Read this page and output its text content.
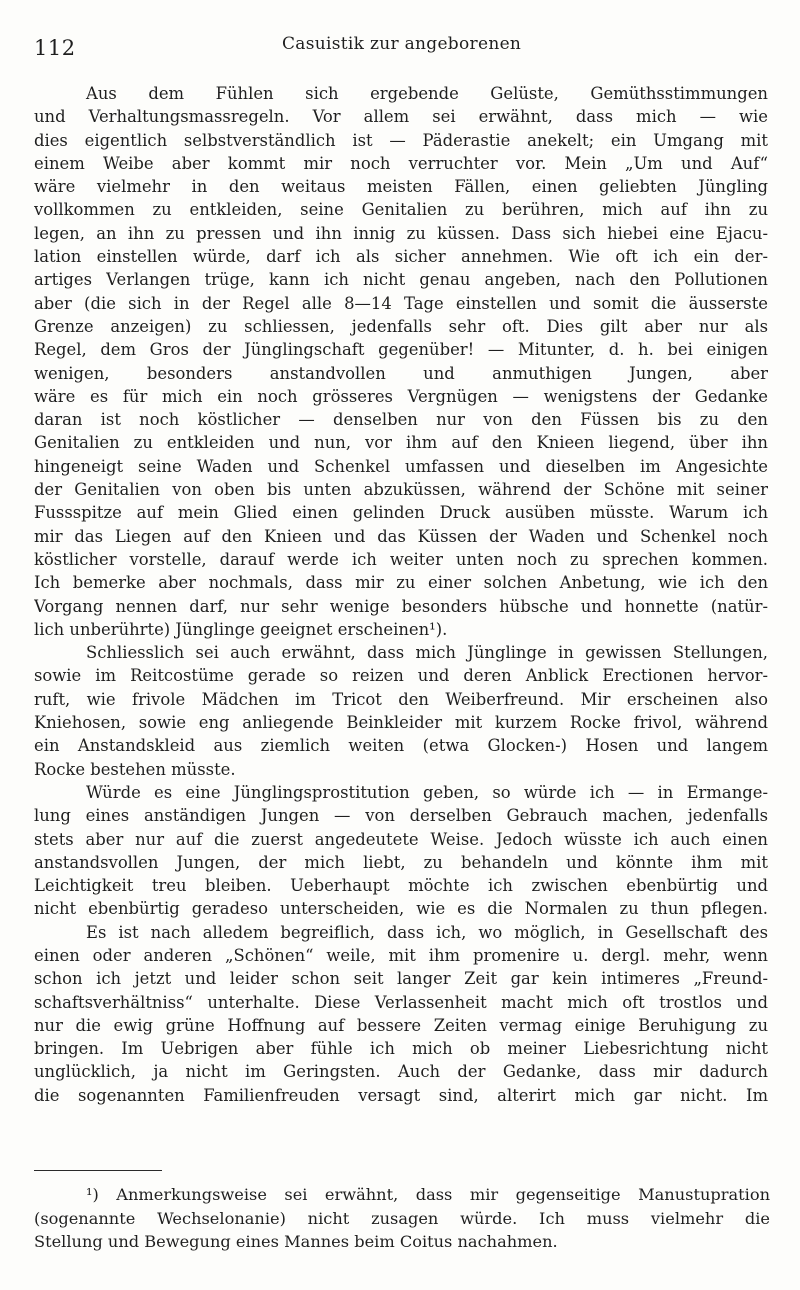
112	Casuistik zur angeborenen
Aus dem Fühlen sich ergebende Gelüste, Gemüthsstimmungen
und Verhaltungsmassregeln. Vor allem sei erwähnt, dass mich — wie
dies eigentlich selbstverständlich ist — Päderastie anekelt; ein Umgang mit
einem Weibe aber kommt mir noch verruchter vor. Mein „Um und Auf“
wäre vielmehr in den weitaus meisten Fällen, einen geliebten Jüngling
vollkommen zu entkleiden, seine Genitalien zu berühren, mich auf ihn zu
legen, an ihn zu pressen und ihn innig zu küssen. Dass sich hiebei eine Ejacu-
lation einstellen würde, darf ich als sicher annehmen. Wie oft ich ein der-
artiges Verlangen trüge, kann ich nicht genau angeben, nach den Pollutionen
aber (die sich in der Regel alle 8—14 Tage einstellen und somit die äusserste
Grenze anzeigen) zu schliessen, jedenfalls sehr oft. Dies gilt aber nur als
Regel, dem Gros der Jünglingschaft gegenüber! — Mitunter, d. h. bei einigen
wenigen, besonders anstandvollen und anmuthigen Jungen, aber
wäre es für mich ein noch grösseres Vergnügen — wenigstens der Gedanke
daran ist noch köstlicher — denselben nur von den Füssen bis zu den
Genitalien zu entkleiden und nun, vor ihm auf den Knieen liegend, über ihn
hingeneigt seine Waden und Schenkel umfassen und dieselben im Angesichte
der Genitalien von oben bis unten abzuküssen, während der Schöne mit seiner
Fussspitze auf mein Glied einen gelinden Druck ausüben müsste. Warum ich
mir das Liegen auf den Knieen und das Küssen der Waden und Schenkel noch
köstlicher vorstelle, darauf werde ich weiter unten noch zu sprechen kommen.
Ich bemerke aber nochmals, dass mir zu einer solchen Anbetung, wie ich den
Vorgang nennen darf, nur sehr wenige besonders hübsche und honnette (natür-
lich unberührte) Jünglinge geeignet erscheinen¹).
Schliesslich sei auch erwähnt, dass mich Jünglinge in gewissen Stellungen,
sowie im Reitcostüme gerade so reizen und deren Anblick Erectionen hervor-
ruft, wie frivole Mädchen im Tricot den Weiberfreund. Mir erscheinen also
Kniehosen, sowie eng anliegende Beinkleider mit kurzem Rocke frivol, während
ein Anstandskleid aus ziemlich weiten (etwa Glocken-) Hosen und langem
Rocke bestehen müsste.
Würde es eine Jünglingsprostitution geben, so würde ich — in Ermange-
lung eines anständigen Jungen — von derselben Gebrauch machen, jedenfalls
stets aber nur auf die zuerst angedeutete Weise. Jedoch wüsste ich auch einen
anstandsvollen Jungen, der mich liebt, zu behandeln und könnte ihm mit
Leichtigkeit treu bleiben. Ueberhaupt möchte ich zwischen ebenbürtig und
nicht ebenbürtig geradeso unterscheiden, wie es die Normalen zu thun pflegen.
Es ist nach alledem begreiflich, dass ich, wo möglich, in Gesellschaft des
einen oder anderen „Schönen“ weile, mit ihm promenire u. dergl. mehr, wenn
schon ich jetzt und leider schon seit langer Zeit gar kein intimeres „Freund-
schaftsverhältniss“ unterhalte. Diese Verlassenheit macht mich oft trostlos und
nur die ewig grüne Hoffnung auf bessere Zeiten vermag einige Beruhigung zu
bringen. Im Uebrigen aber fühle ich mich ob meiner Liebesrichtung nicht
unglücklich, ja nicht im Geringsten. Auch der Gedanke, dass mir dadurch
die sogenannten Familienfreuden versagt sind, alterirt mich gar nicht. Im
¹) Anmerkungsweise sei erwähnt, dass mir gegenseitige Manustupration
(sogenannte Wechselonanie) nicht zusagen würde. Ich muss vielmehr die
Stellung und Bewegung eines Mannes beim Coitus nachahmen.
